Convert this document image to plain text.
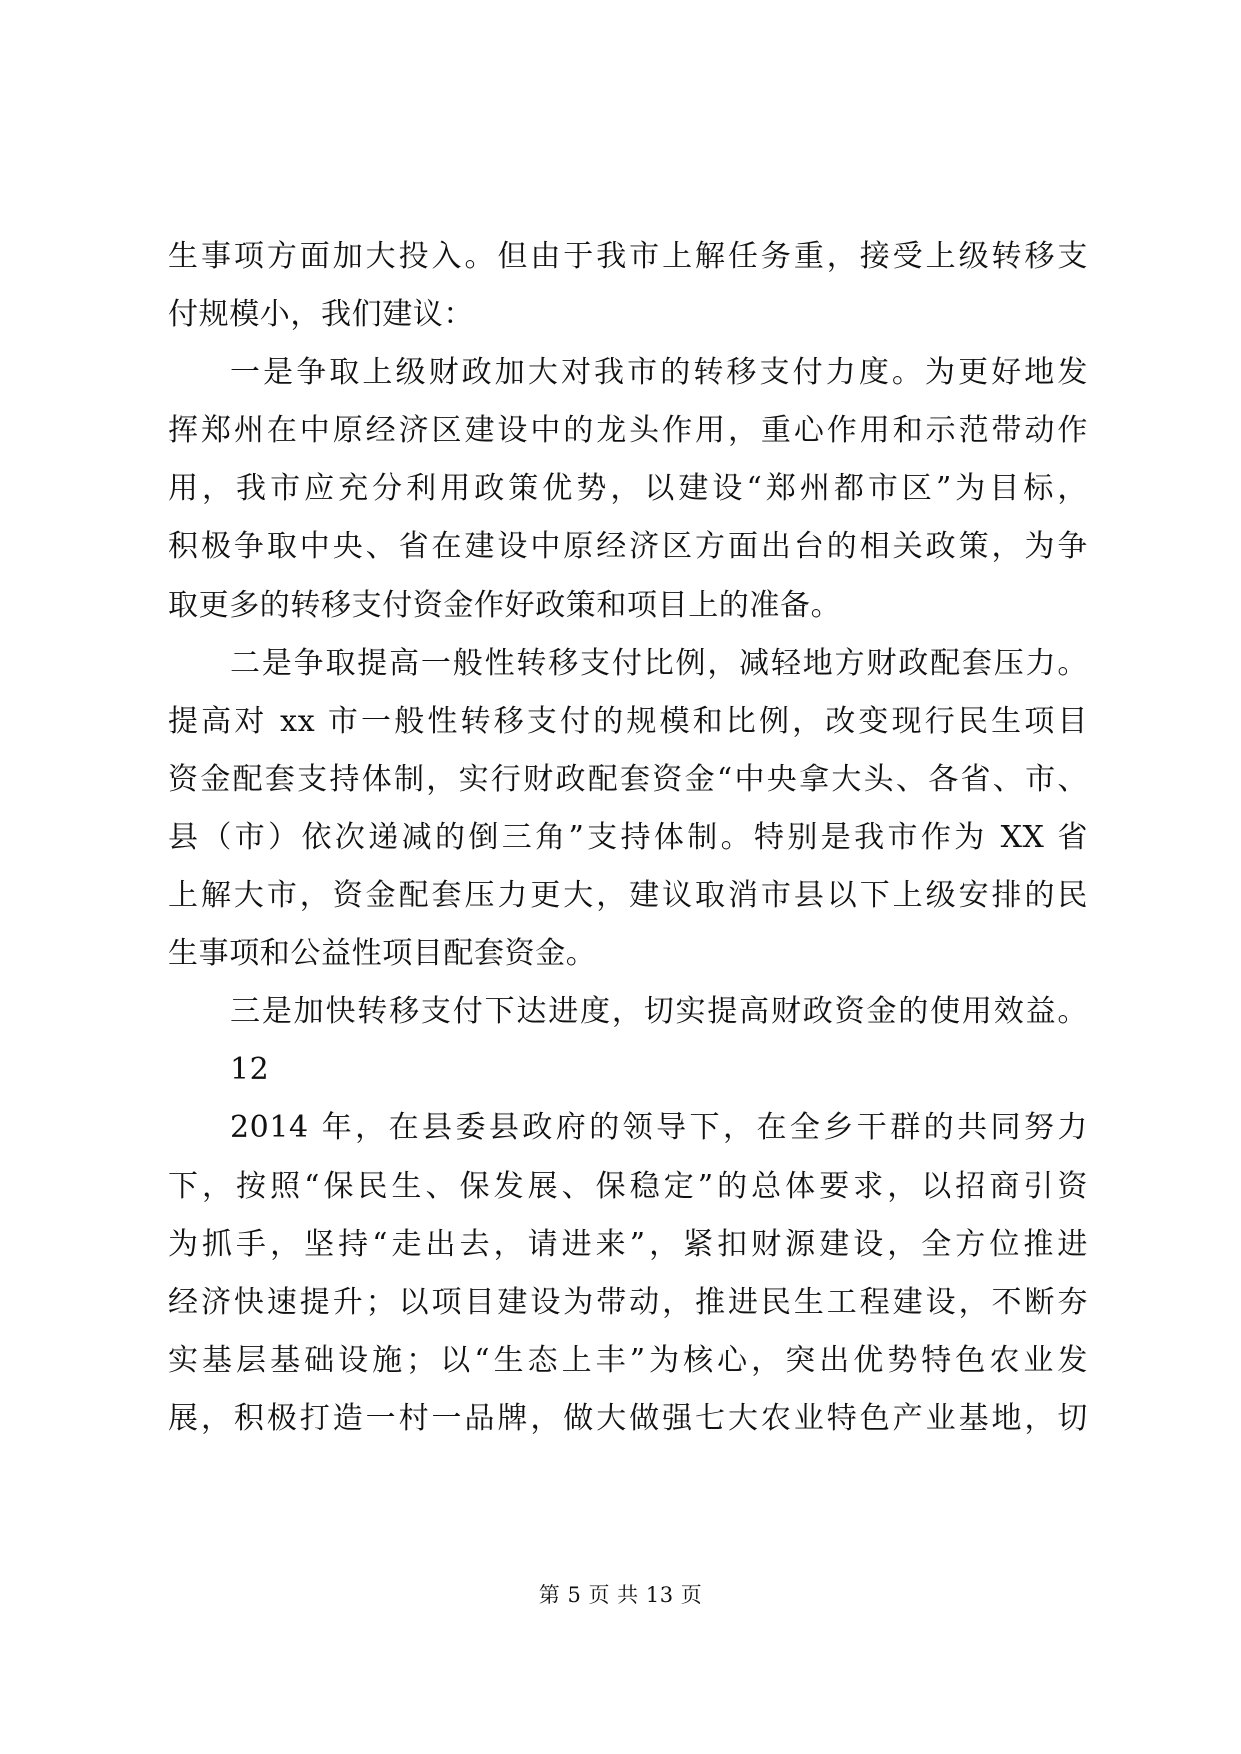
生事项方面加大投入。但由于我市上解任务重，接受上级转移支
付规模小，我们建议：
一是争取上级财政加大对我市的转移支付力度。为更好地发
挥郑州在中原经济区建设中的龙头作用，重心作用和示范带动作
用，我市应充分利用政策优势，以建设“郑州都市区”为目标，
积极争取中央、省在建设中原经济区方面出台的相关政策，为争
取更多的转移支付资金作好政策和项目上的准备。
二是争取提高一般性转移支付比例，减轻地方财政配套压力。
提高对 xx 市一般性转移支付的规模和比例，改变现行民生项目
资金配套支持体制，实行财政配套资金“中央拿大头、各省、市、
县（市）依次递减的倒三角”支持体制。特别是我市作为 XX 省
上解大市，资金配套压力更大，建议取消市县以下上级安排的民
生事项和公益性项目配套资金。
三是加快转移支付下达进度，切实提高财政资金的使用效益。
12
2014 年，在县委县政府的领导下，在全乡干群的共同努力
下，按照“保民生、保发展、保稳定”的总体要求，以招商引资
为抓手，坚持“走出去，请进来”，紧扣财源建设，全方位推进
经济快速提升；以项目建设为带动，推进民生工程建设，不断夯
实基层基础设施；以“生态上丰”为核心，突出优势特色农业发
展，积极打造一村一品牌，做大做强七大农业特色产业基地，切
第 5 页 共 13 页
